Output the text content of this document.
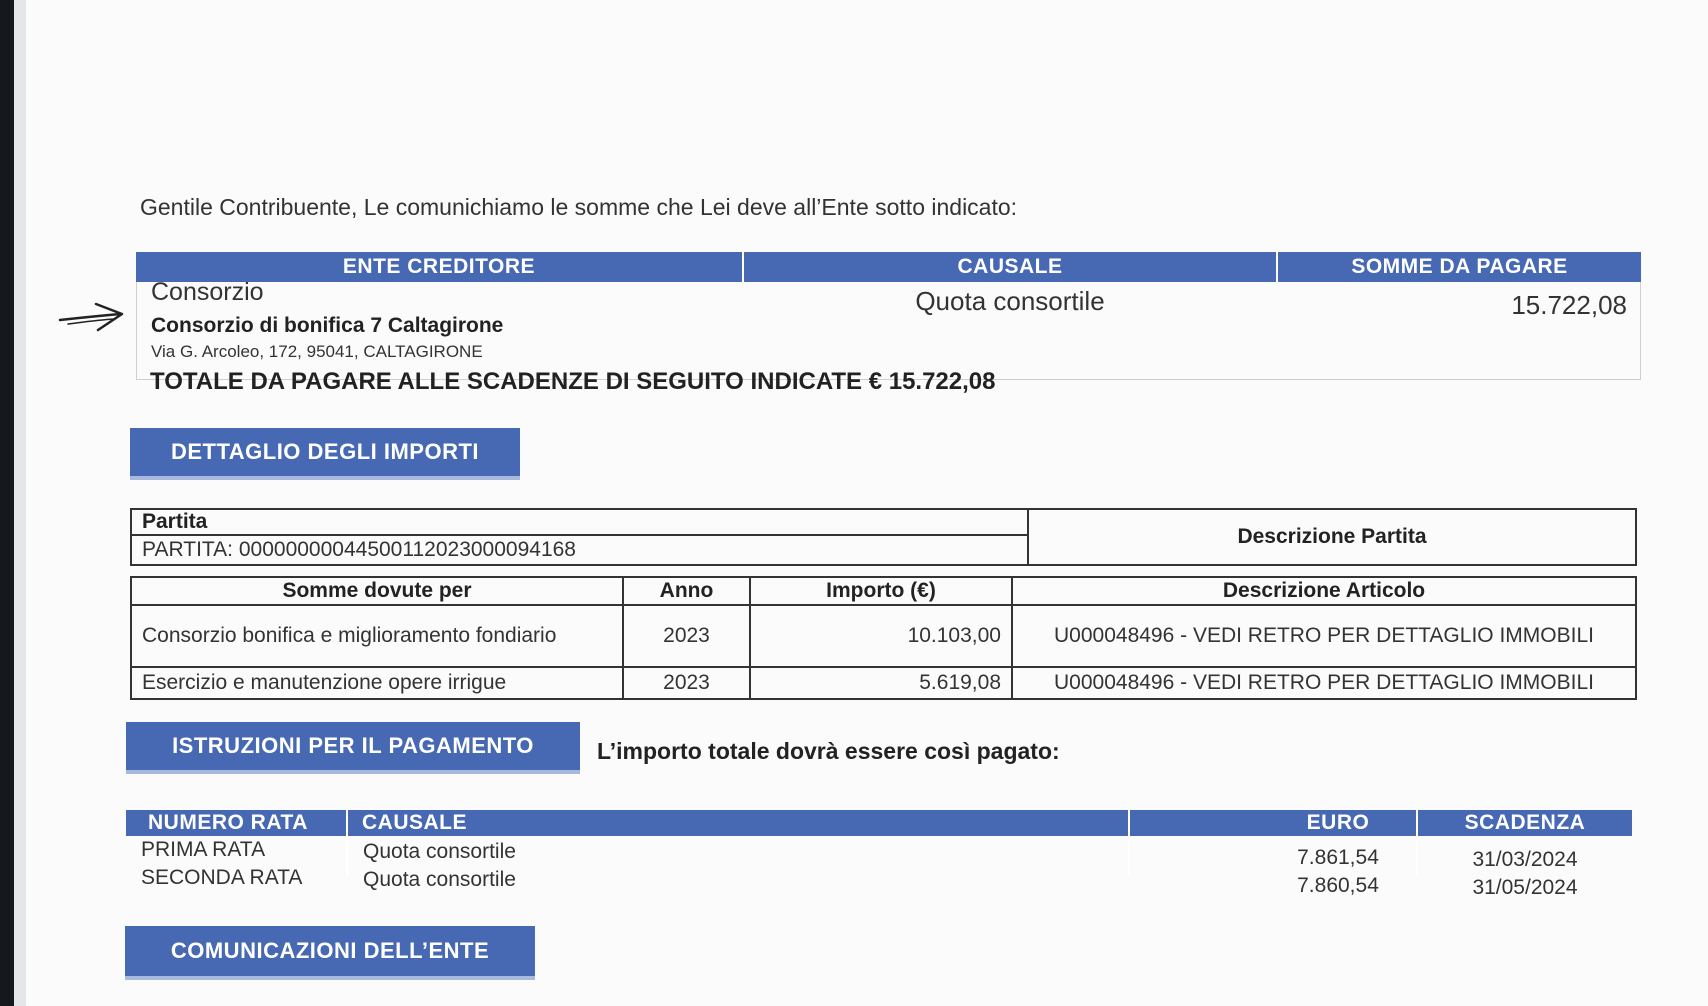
Gentile Contribuente, Le comunichiamo le somme che Lei deve all’Ente sotto indicato:
ENTE CREDITORE	CAUSALE	SOMME DA PAGARE
Consorzio
Consorzio di bonifica 7 Caltagirone
Via G. Arcoleo, 172, 95041, CALTAGIRONE
Quota consortile	15.722,08
TOTALE DA PAGARE ALLE SCADENZE DI SEGUITO INDICATE € 15.722,08
DETTAGLIO DEGLI IMPORTI
Partita	Descrizione Partita
PARTITA: 00000000044500112023000094168
Somme dovute per	Anno	Importo (€)	Descrizione Articolo
Consorzio bonifica e miglioramento fondiario	2023	10.103,00	U000048496 - VEDI RETRO PER DETTAGLIO IMMOBILI
Esercizio e manutenzione opere irrigue	2023	5.619,08	U000048496 - VEDI RETRO PER DETTAGLIO IMMOBILI
ISTRUZIONI PER IL PAGAMENTO	L’importo totale dovrà essere così pagato:
NUMERO RATA	CAUSALE	EURO	SCADENZA
PRIMA RATA	Quota consortile	7.861,54	31/03/2024
SECONDA RATA	Quota consortile	7.860,54	31/05/2024
COMUNICAZIONI DELL’ENTE
